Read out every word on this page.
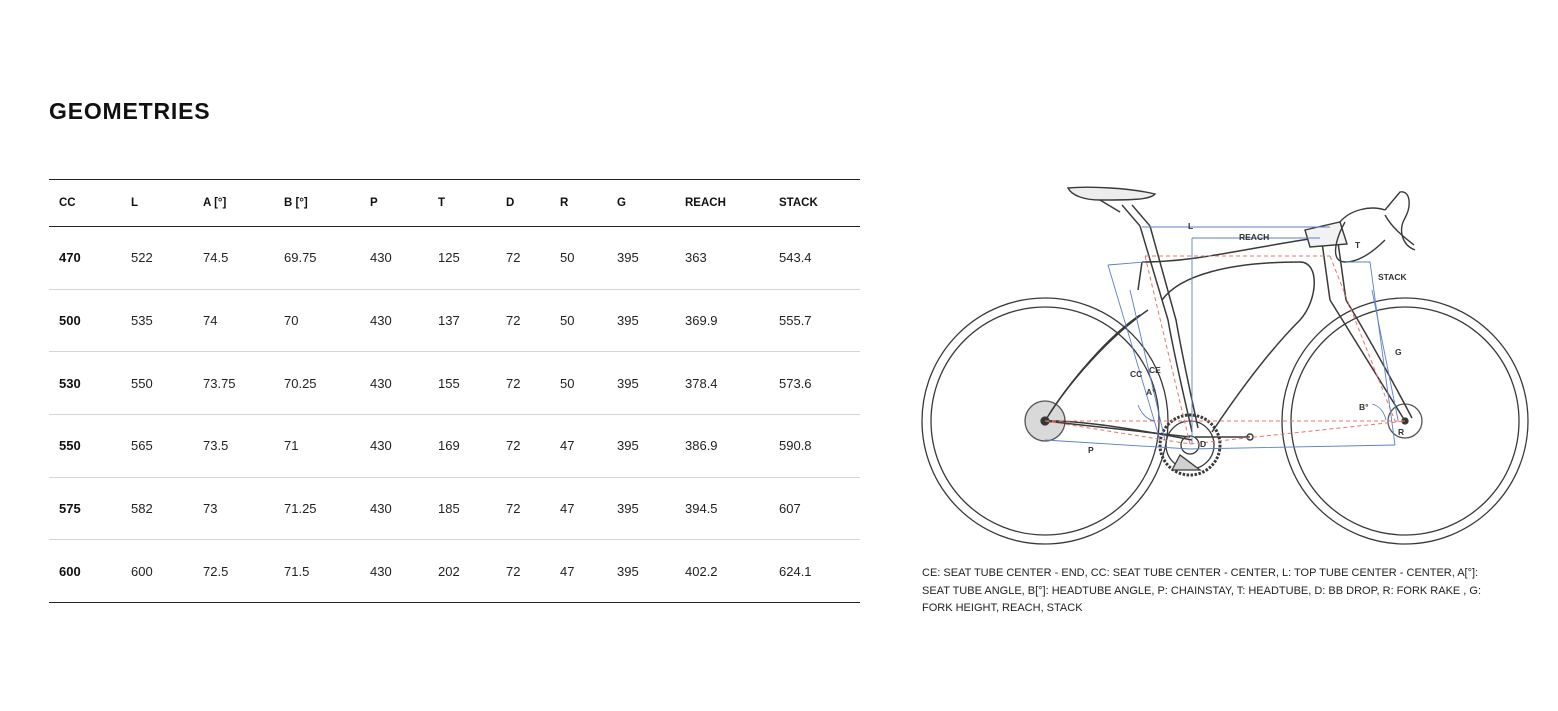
GEOMETRIES
CC	L	A [°]	B [°]	P	T	D	R	G	REACH	STACK
470	522	74.5	69.75	430	125	72	50	395	363	543.4
500	535	74	70	430	137	72	50	395	369.9	555.7
530	550	73.75	70.25	430	155	72	50	395	378.4	573.6
550	565	73.5	71	430	169	72	47	395	386.9	590.8
575	582	73	71.25	430	185	72	47	395	394.5	607
600	600	72.5	71.5	430	202	72	47	395	402.2	624.1
L
REACH
T
STACK
G
CC CE
A°
B°
D
P
R

CE: SEAT TUBE CENTER - END, CC: SEAT TUBE CENTER - CENTER, L: TOP TUBE CENTER - CENTER, A[°]: SEAT TUBE ANGLE, B[°]: HEADTUBE ANGLE, P: CHAINSTAY, T: HEADTUBE, D: BB DROP, R: FORK RAKE , G: FORK HEIGHT, REACH, STACK
